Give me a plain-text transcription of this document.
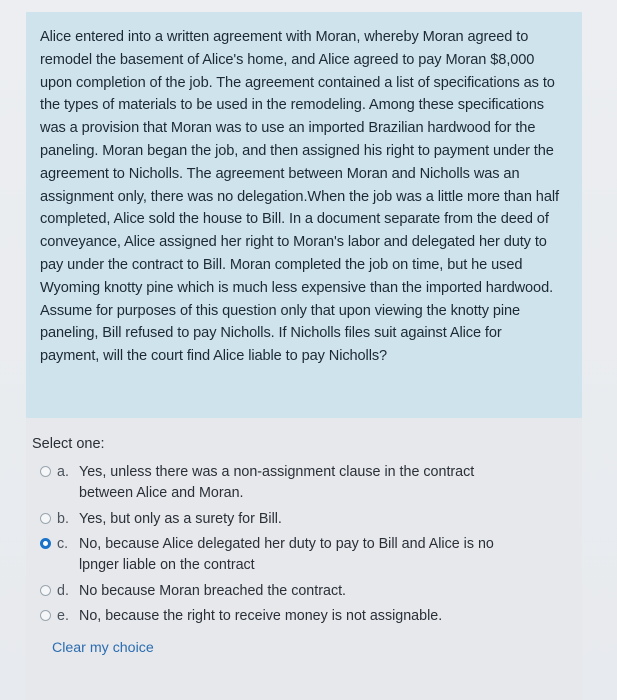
Alice entered into a written agreement with Moran, whereby Moran agreed to remodel the basement of Alice's home, and Alice agreed to pay Moran $8,000 upon completion of the job. The agreement contained a list of specifications as to the types of materials to be used in the remodeling. Among these specifications was a provision that Moran was to use an imported Brazilian hardwood for the paneling. Moran began the job, and then assigned his right to payment under the agreement to Nicholls. The agreement between Moran and Nicholls was an assignment only, there was no delegation.When the job was a little more than half completed, Alice sold the house to Bill. In a document separate from the deed of conveyance, Alice assigned her right to Moran's labor and delegated her duty to pay under the contract to Bill. Moran completed the job on time, but he used Wyoming knotty pine which is much less expensive than the imported hardwood. Assume for purposes of this question only that upon viewing the knotty pine paneling, Bill refused to pay Nicholls. If Nicholls files suit against Alice for payment, will the court find Alice liable to pay Nicholls?

Select one:
a. Yes, unless there was a non-assignment clause in the contract between Alice and Moran.
b. Yes, but only as a surety for Bill.
c. No, because Alice delegated her duty to pay to Bill and Alice is no lpnger liable on the contract
d. No because Moran breached the contract.
e. No, because the right to receive money is not assignable.
Clear my choice
